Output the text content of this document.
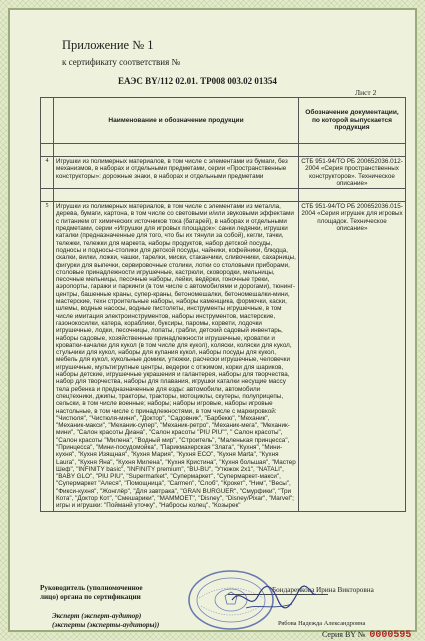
Приложение № 1
к сертификату соответствия №
ЕАЭС BY/112 02.01. ТР008 003.02 01354
Лист 2
	Наименование и обозначение продукции	Обозначение документации, по которой выпускается продукция

4	Игрушки из полимерных материалов, в том числе с элементами из бумаги, без механизмов, в наборах и отдельными предметами, серии «Пространственные конструкторы»: дорожные знаки, в наборах и отдельными предметами	СТБ 951-94/ТО РБ 200652036.012-2004 «Серия пространственных конструкторов». Техническое описание»

5	Игрушки из полимерных материалов, в том числе с элементами из металла, дерева, бумаги, картона, в том числе со световыми и/или звуковыми эффектами с питанием от химических источников тока (батарей), в наборах и отдельными предметами, серии «Игрушки для игровых площадок»: санки ледянки, игрушки каталки (предназначенные для того, что бы их тянули за собой), кегли, тачки, тележки, тележки для маркета, наборы продуктов, набор детской посуды, подносы и подносы-столики для детской посуды, чайники, кофейники, блюдца, скалки, вилки, ложки, чашки, тарелки, миски, стаканчики, сливочники, сахарницы, фигурки для выпечки, сервировочные столики, лотки со столовыми приборами, столовые принадлежности игрушечные, кастрюли, сковородки, мельницы, песочные мельницы, песочные наборы, лейки, ведёрки, гоночные треки, аэропорты, гаражи и паркинги (в том числе с автомобилями и дорогами), тюнинг-центры, башенные краны, супер-краны, бетономешалки, бетономешалки-мини, мастерские, техн строительные наборы, наборы каменщика, формочки, каски, шлемы, водные насосы, водные пистолеты, инструменты игрушечные, в том числе имитация электроинструментов, наборы инструментов, мастерские, газонокосилки, катера, кораблики, буксиры, паромы, корвети, лодочки игрушечные, лодки, песочницы, лопаты, грабли, детский садовый инвентарь, наборы садовые, хозяйственные принадлежности игрушечные, кроватки и кроватки-качалки для кукол (в том числе для кукол), коляски, коляски для кукол, стульчики для кукол, наборы для купания кукол, наборы посуды для кукол, мебель для кукол, кукольные домики, утюжки, расчески игрушечные, человечки игрушечные, мультигрупные центры, ведерки с отжимом, корки для шариков, наборы детские, игрушечные украшения и галантерея, наборы для творчества, набор для творчества, наборы для плавания, игрушки каталки несущие массу тела ребенка и предназначенные для езды: автомобили, автомобили спецтехники, джипы, тракторы, тракторы, мотоциклы, скутеры, полуприцепы, сельски, в том числе военные; наборы; наборы игровые, наборы игровые настольные, в том числе с принадлежностями, в том числе с маркировкой: "Чистюля", "Чистюля-мини", "Доктор", "Садовник", "Барбекю", "Механик", "Механик-макси", "Механик-супер", "Механик-ретро", "Механик-мега", "Механик-мини", "Салон красоты Диана", "Салон красоты "PIU PIU"", " Салон красоты", "Салон красоты "Милена", "Водный мир", "Строитель", "Маленькая принцесса", "Принцесса", "Мини-посудомойка", "Парикмахерская "Злата", "Кухня", "Мини-кухня", "Кухня Изящная", "Кухня Мария", "Кухня ECO", "Кухня Marta", "Кухня Laura", "Кухня Яна", "Кухня Милена", "Кухня Кристина", "Кухня большая", "Мастер Шеф", "INFINITY basic", "INFINITY premium", "BU-BU", "Утюжок 2х1", "NATALI", "BABY GLO", "PIU PIU", "Supermarket", "Супермаркет", "Супермаркет-макси", "Супермаркет "Алеся", "Помощница", "Carmen", "Слоб", "Крокет", "Ним", "Весы", "Фикси-кухня", "Жонглёр", "Для завтрака", "GRAN BURGUER", "Смурфики", "Три Кота", "Доктор Кот", "Смешарики", "MAMMOET", "Disney", "Disney/Pixar", "Marvel"; игры и игрушки: "Пойманй уточку", "Набросы колец", "Козырек"	СТБ 951-94/ТО РБ 200652036.015-2004 «Серия игрушек для игровых площадок. Техническое описание»
Руководитель (уполномоченное
лицо) органа по сертификации
Бондаренкова Ирина Викторовна
Эксперт (эксперт-аудитор)
(эксперты (эксперты-аудиторы))	Рябова Надежда Александровна
Серия BY № 0000595
